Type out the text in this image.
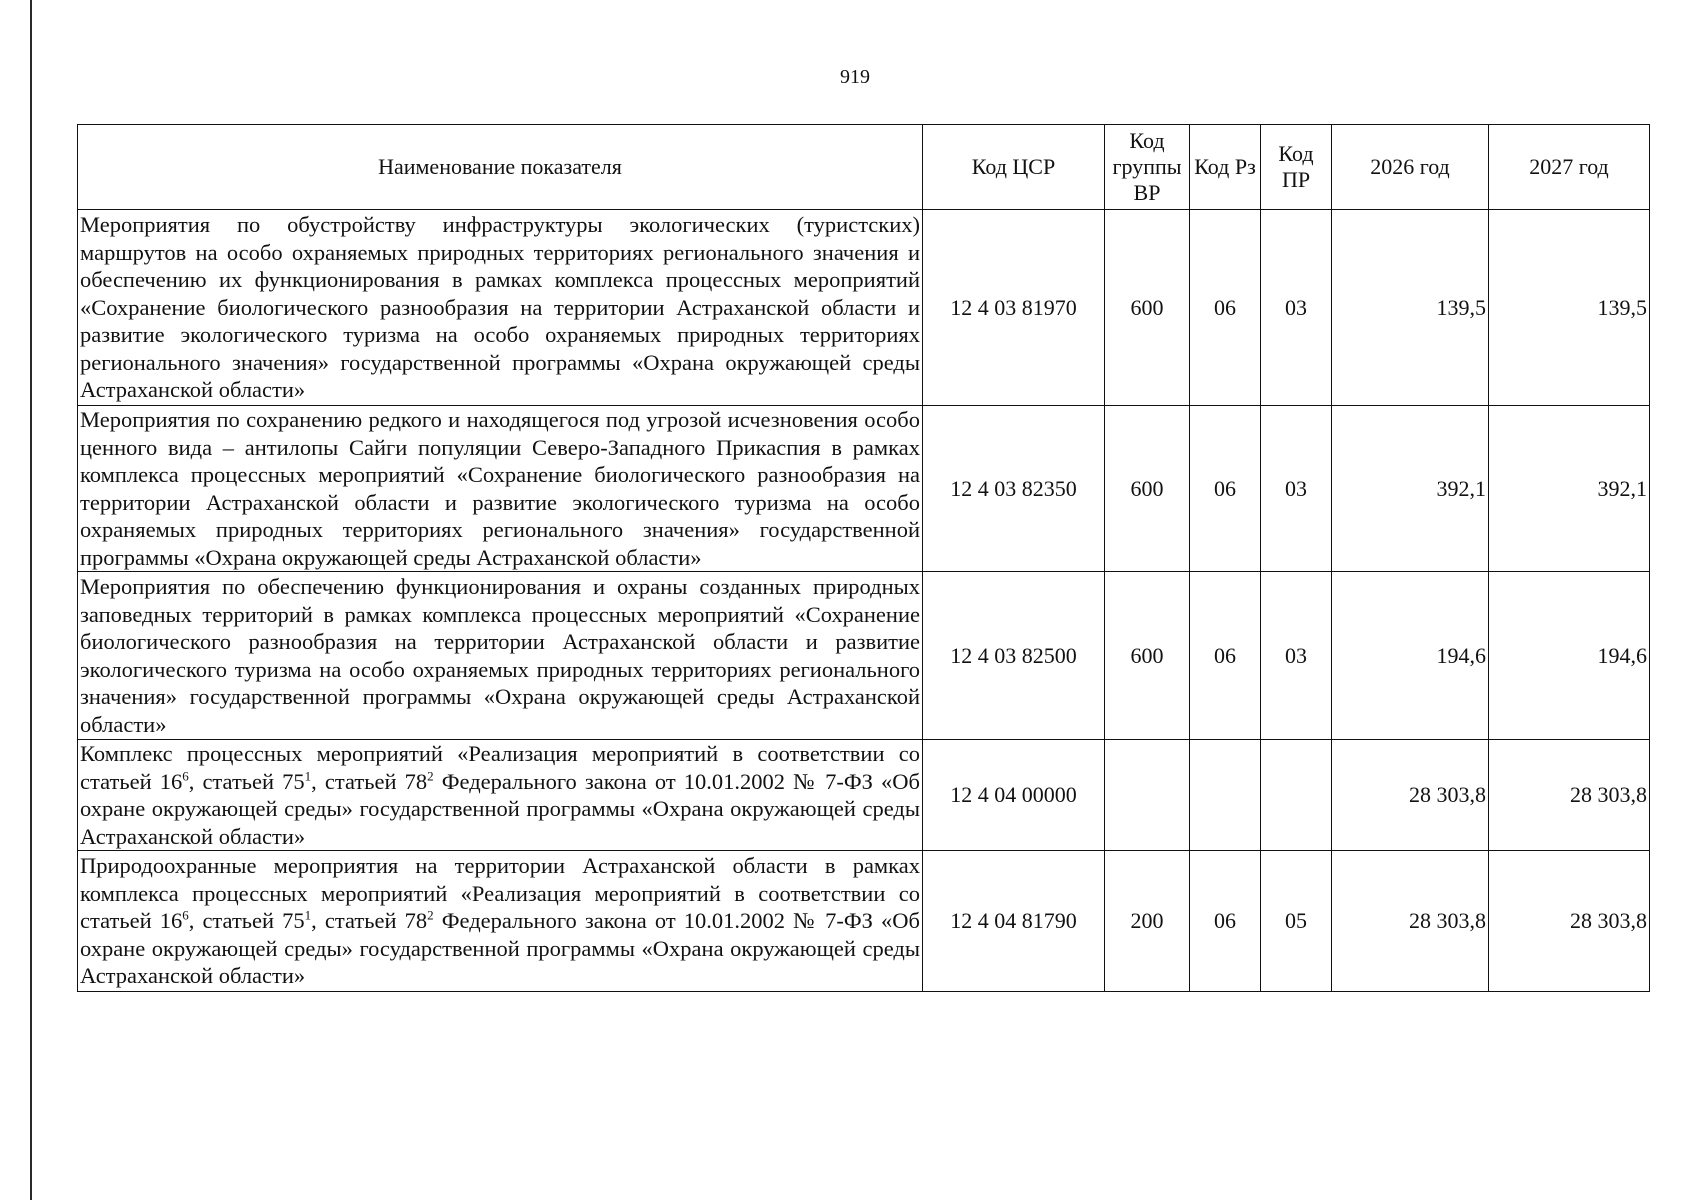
919
Наименование показателя	Код ЦСР	Код группы ВР	Код Рз	Код ПР	2026 год	2027 год
Мероприятия по обустройству инфраструктуры экологических (туристских) маршрутов на особо охраняемых природных территориях регионального значения и обеспечению их функционирования в рамках комплекса процессных мероприятий «Сохранение биологического разнообразия на территории Астраханской области и развитие экологического туризма на особо охраняемых природных территориях регионального значения» государственной программы «Охрана окружающей среды Астраханской области»	12 4 03 81970	600	06	03	139,5	139,5
Мероприятия по сохранению редкого и находящегося под угрозой исчезновения особо ценного вида – антилопы Сайги популяции Северо-Западного Прикаспия в рамках комплекса процессных мероприятий «Сохранение биологического разнообразия на территории Астраханской области и развитие экологического туризма на особо охраняемых природных территориях регионального значения» государственной программы «Охрана окружающей среды Астраханской области»	12 4 03 82350	600	06	03	392,1	392,1
Мероприятия по обеспечению функционирования и охраны созданных природных заповедных территорий в рамках комплекса процессных мероприятий «Сохранение биологического разнообразия на территории Астраханской области и развитие экологического туризма на особо охраняемых природных территориях регионального значения» государственной программы «Охрана окружающей среды Астраханской области»	12 4 03 82500	600	06	03	194,6	194,6
Комплекс процессных мероприятий «Реализация мероприятий в соответствии со статьей $16^6$, статьей $75^1$, статьей $78^2$ Федерального закона от 10.01.2002 № 7-ФЗ «Об охране окружающей среды» государственной программы «Охрана окружающей среды Астраханской области»	12 4 04 00000				28 303,8	28 303,8
Природоохранные мероприятия на территории Астраханской области в рамках комплекса процессных мероприятий «Реализация мероприятий в соответствии со статьей $16^6$, статьей $75^1$, статьей $78^2$ Федерального закона от 10.01.2002 № 7-ФЗ «Об охране окружающей среды» государственной программы «Охрана окружающей среды Астраханской области»	12 4 04 81790	200	06	05	28 303,8	28 303,8
